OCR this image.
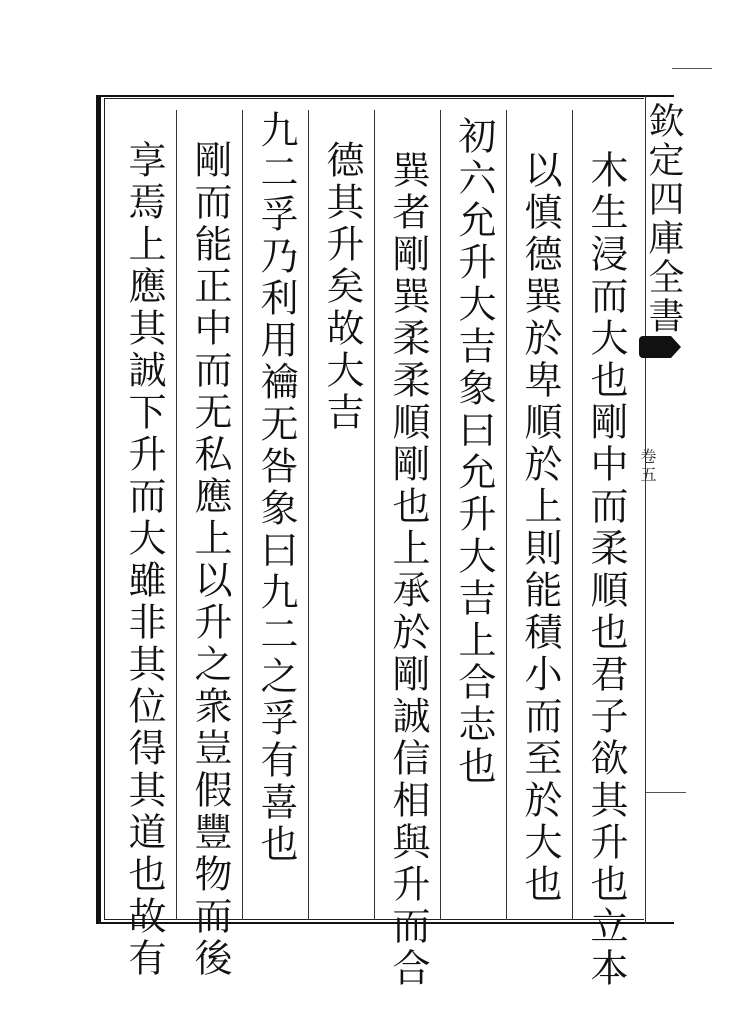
欽定四庫全書
卷五
木生浸而大也剛中而柔順也君子欲其升也立本
以慎德巽於卑順於上則能積小而至於大也
初六允升大吉象曰允升大吉上合志也
巽者剛巽柔柔順剛也上承於剛誠信相與升而合
德其升矣故大吉
九二孚乃利用禴无咎象曰九二之孚有喜也
剛而能正中而无私應上以升之衆豈假豐物而後
享焉上應其誠下升而大雖非其位得其道也故有
